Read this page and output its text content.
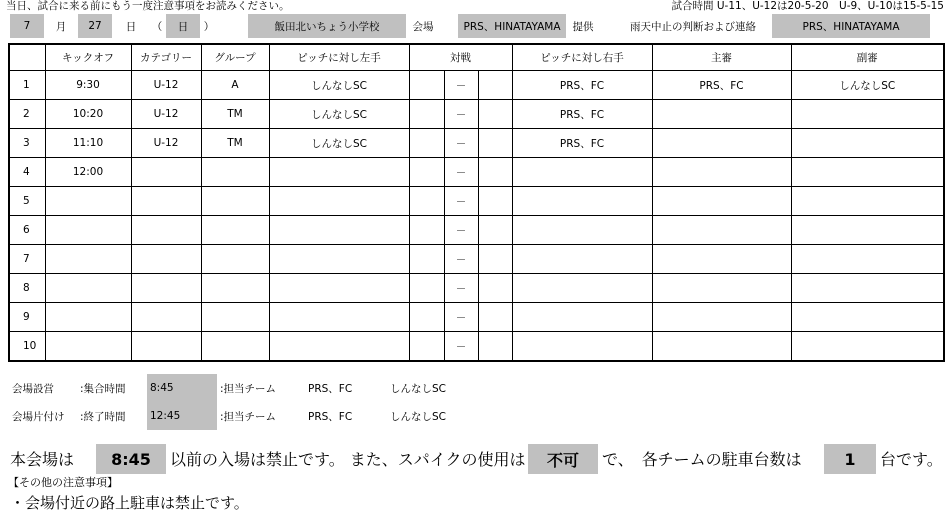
当日、試合に来る前にもう一度注意事項をお読みください。	試合時間 U-11、U-12は20-5-20　U-9、U-10は15-5-15
7	月	27	日	（	日	）	飯田北いちょう小学校	会場	PRS、HINATAYAMA	提供	雨天中止の判断および連絡	PRS、HINATAYAMA
	キックオフ	カテゴリー	グループ	ピッチに対し左手	対戦			ピッチに対し右手	主審	副審
1	9:30	U-12	A	しんなしSC		－		PRS、FC	PRS、FC	しんなしSC
2	10:20	U-12	TM	しんなしSC		－		PRS、FC		
3	11:10	U-12	TM	しんなしSC		－		PRS、FC		
4	12:00					－				
5						－				
6						－				
7						－				
8						－				
9						－				
10						－				
会場設営 :集合時間 8:45	:担当チーム	PRS、FC	しんなしSC
会場片付け :終了時間 12:45	:担当チーム	PRS、FC	しんなしSC
本会場は	8:45	以前の入場は禁止です。 また、スパイクの使用は	不可	で、　各チームの駐車台数は	1	台です。
【その他の注意事項】
・会場付近の路上駐車は禁止です。
